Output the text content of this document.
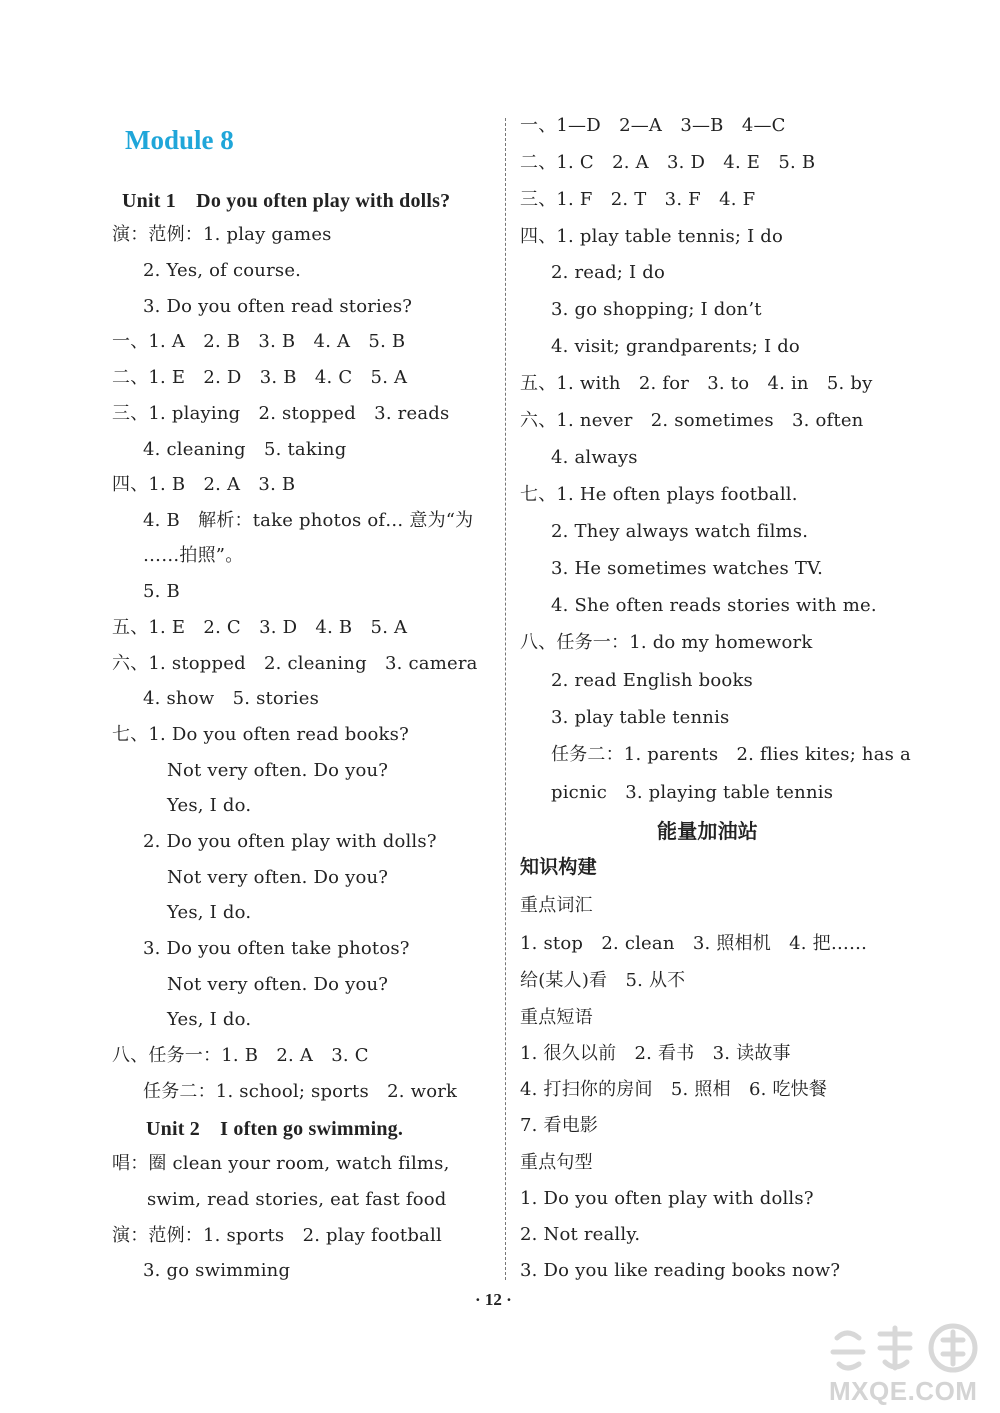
Module 8
Unit 1　Do you often play with dolls?
演：范例：1. play games
2. Yes, of course.
3. Do you often read stories?
一、1. A　2. B　3. B　4. A　5. B
二、1. E　2. D　3. B　4. C　5. A
三、1. playing　2. stopped　3. reads
4. cleaning　5. taking
四、1. B　2. A　3. B
4. B　解析：take photos of… 意为“为
……拍照”。
5. B
五、1. E　2. C　3. D　4. B　5. A
六、1. stopped　2. cleaning　3. camera
4. show　5. stories
七、1. Do you often read books?
Not very often. Do you?
Yes, I do.
2. Do you often play with dolls?
Not very often. Do you?
Yes, I do.
3. Do you often take photos?
Not very often. Do you?
Yes, I do.
八、任务一：1. B　2. A　3. C
任务二：1. school; sports　2. work
Unit 2　I often go swimming.
唱：圈 clean your room, watch films,
swim, read stories, eat fast food
演：范例：1. sports　2. play football
3. go swimming
一、1—D　2—A　3—B　4—C
二、1. C　2. A　3. D　4. E　5. B
三、1. F　2. T　3. F　4. F
四、1. play table tennis; I do
2. read; I do
3. go shopping; I don’t
4. visit; grandparents; I do
五、1. with　2. for　3. to　4. in　5. by
六、1. never　2. sometimes　3. often
4. always
七、1. He often plays football.
2. They always watch films.
3. He sometimes watches TV.
4. She often reads stories with me.
八、任务一：1. do my homework
2. read English books
3. play table tennis
任务二：1. parents　2. flies kites; has a
picnic　3. playing table tennis
能量加油站
知识构建
重点词汇
1. stop　2. clean　3. 照相机　4. 把……
给(某人)看　5. 从不
重点短语
1. 很久以前　2. 看书　3. 读故事
4. 打扫你的房间　5. 照相　6. 吃快餐
7. 看电影
重点句型
1. Do you often play with dolls?
2. Not really.
3. Do you like reading books now?
· 12 ·
MXQE.COM
